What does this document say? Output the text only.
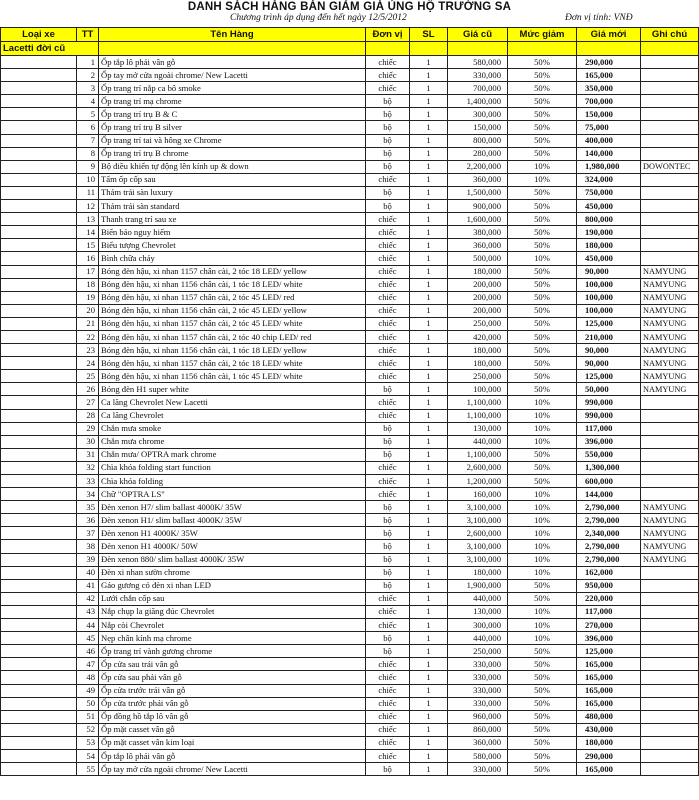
DANH SÁCH HÀNG BÁN GIẢM GIÁ ỦNG HỘ TRƯỜNG SA
Chương trình áp dụng đến hết ngày 12/5/2012	Đơn vị tính: VNĐ
Loại xe	TT	Tên Hàng	Đơn vị	SL	Giá cũ	Mức giảm	Giá mới	Ghi chú
Lacetti đời cũ								
	1	Ốp tắp lô phải vân gỗ	chiếc	1	580,000	50%	290,000	
	2	Ốp tay mở cửa ngoài chrome/ New Lacetti	chiếc	1	330,000	50%	165,000	
	3	Ốp trang trí nắp ca bô smoke	chiếc	1	700,000	50%	350,000	
	4	Ốp trang trí mạ chrome	bộ	1	1,400,000	50%	700,000	
	5	Ốp trang trí trụ B & C	bộ	1	300,000	50%	150,000	
	6	Ốp trang trí trụ B silver	bộ	1	150,000	50%	75,000	
	7	Ốp trang trí tai và hông xe Chrome	bộ	1	800,000	50%	400,000	
	8	Ốp trang trí trụ B chrome	bộ	1	280,000	50%	140,000	
	9	Bộ điều khiển tự động lên kính up & down	bộ	1	2,200,000	10%	1,980,000	DOWONTEC
	10	Tấm ốp cốp sau	chiếc	1	360,000	10%	324,000	
	11	Thảm trải sàn luxury	bộ	1	1,500,000	50%	750,000	
	12	Thảm trải sàn standard	bộ	1	900,000	50%	450,000	
	13	Thanh trang trí sau xe	chiếc	1	1,600,000	50%	800,000	
	14	Biển báo nguy hiểm	chiếc	1	380,000	50%	190,000	
	15	Biểu tượng Chevrolet	chiếc	1	360,000	50%	180,000	
	16	Bình chữa cháy	chiếc	1	500,000	10%	450,000	
	17	Bóng đèn hậu, xi nhan 1157 chân cài, 2 tóc 18 LED/ yellow	chiếc	1	180,000	50%	90,000	NAMYUNG
	18	Bóng đèn hậu, xi nhan 1156 chân cài, 1 tóc 18 LED/ white	chiếc	1	200,000	50%	100,000	NAMYUNG
	19	Bóng đèn hậu, xi nhan 1157 chân cài, 2 tóc 45 LED/ red	chiếc	1	200,000	50%	100,000	NAMYUNG
	20	Bóng đèn hậu, xi nhan 1156 chân cài, 2 tóc 45 LED/ yellow	chiếc	1	200,000	50%	100,000	NAMYUNG
	21	Bóng đèn hậu, xi nhan 1157 chân cài, 2 tóc 45 LED/ white	chiếc	1	250,000	50%	125,000	NAMYUNG
	22	Bóng đèn hậu, xi nhan 1157 chân cài, 2 tóc 40 chip LED/ red	chiếc	1	420,000	50%	210,000	NAMYUNG
	23	Bóng đèn hậu, xi nhan 1156 chân cài, 1 tóc 18 LED/ yellow	chiếc	1	180,000	50%	90,000	NAMYUNG
	24	Bóng đèn hậu, xi nhan 1157 chân cài, 2 tóc 18 LED/ white	chiếc	1	180,000	50%	90,000	NAMYUNG
	25	Bóng đèn hậu, xi nhan 1156 chân cài, 1 tóc 45 LED/ white	chiếc	1	250,000	50%	125,000	NAMYUNG
	26	Bóng đèn H1 super white	bộ	1	100,000	50%	50,000	NAMYUNG
	27	Ca lăng Chevrolet New Lacetti	chiếc	1	1,100,000	10%	990,000	
	28	Ca lăng Chevrolet	chiếc	1	1,100,000	10%	990,000	
	29	Chắn mưa smoke	bộ	1	130,000	10%	117,000	
	30	Chắn mưa chrome	bộ	1	440,000	10%	396,000	
	31	Chắn mưa/ OPTRA mark chrome	bộ	1	1,100,000	50%	550,000	
	32	Chìa khóa folding start function	chiếc	1	2,600,000	50%	1,300,000	
	33	Chìa khóa folding	chiếc	1	1,200,000	50%	600,000	
	34	Chữ "OPTRA LS"	chiếc	1	160,000	10%	144,000	
	35	Đèn xenon H7/ slim ballast 4000K/ 35W	bộ	1	3,100,000	10%	2,790,000	NAMYUNG
	36	Đèn xenon H1/ slim ballast 4000K/ 35W	bộ	1	3,100,000	10%	2,790,000	NAMYUNG
	37	Đèn xenon H1 4000K/ 35W	bộ	1	2,600,000	10%	2,340,000	NAMYUNG
	38	Đèn xenon H1 4000K/ 50W	bộ	1	3,100,000	10%	2,790,000	NAMYUNG
	39	Đèn xenon 880/ slim ballast 4000K/ 35W	bộ	1	3,100,000	10%	2,790,000	NAMYUNG
	40	Đèn xi nhan sườn chrome	bộ	1	180,000	10%	162,000	
	41	Gáo gương có đèn xi nhan LED	bộ	1	1,900,000	50%	950,000	
	42	Lưới chắn cốp sau	chiếc	1	440,000	50%	220,000	
	43	Nắp chụp la giăng đúc Chevrolet	chiếc	1	130,000	10%	117,000	
	44	Nắp còi Chevrolet	chiếc	1	300,000	10%	270,000	
	45	Nẹp chân kính mạ chrome	bộ	1	440,000	10%	396,000	
	46	Ốp trang trí vành gương chrome	bộ	1	250,000	50%	125,000	
	47	Ốp cửa sau trái vân gỗ	chiếc	1	330,000	50%	165,000	
	48	Ốp cửa sau phải vân gỗ	chiếc	1	330,000	50%	165,000	
	49	Ốp cửa trước trái vân gỗ	chiếc	1	330,000	50%	165,000	
	50	Ốp cửa trước phải vân gỗ	chiếc	1	330,000	50%	165,000	
	51	Ốp đồng hồ tắp lô vân gỗ	chiếc	1	960,000	50%	480,000	
	52	Ốp mặt casset vân gỗ	chiếc	1	860,000	50%	430,000	
	53	Ốp mặt casset vân kim loại	chiếc	1	360,000	50%	180,000	
	54	Ốp tắp lô phải vân gỗ	chiếc	1	580,000	50%	290,000	
	55	Ốp tay mở cửa ngoài chrome/ New Lacetti	bộ	1	330,000	50%	165,000	
